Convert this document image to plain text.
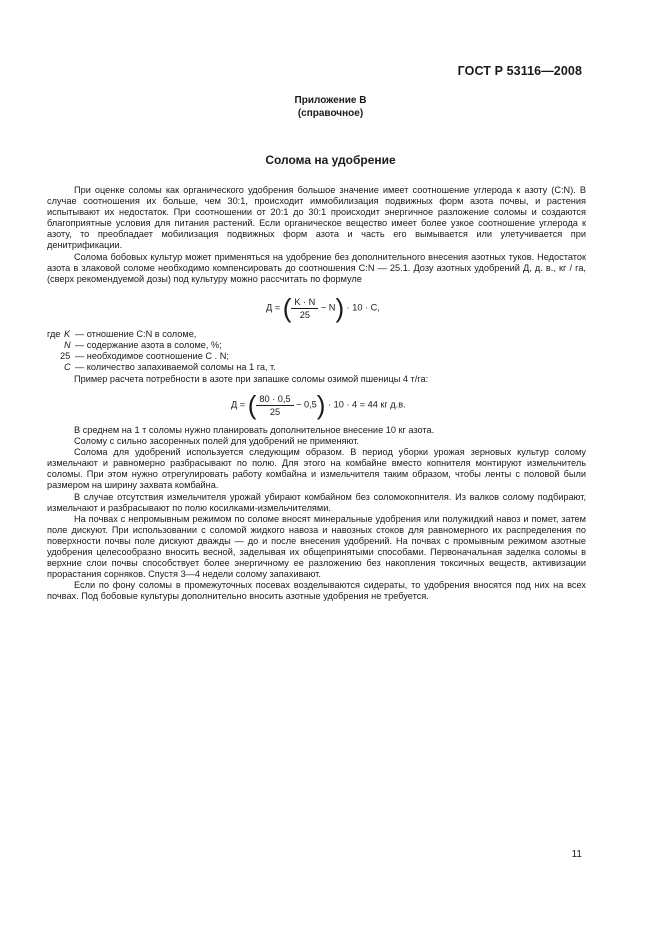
ГОСТ Р 53116—2008
Приложение В
(справочное)
Солома на удобрение

При оценке соломы как органического удобрения большое значение имеет соотношение углерода к азоту (C:N). В случае соотношения их больше, чем 30:1, происходит иммобилизация подвижных форм азота почвы, и растения испытывают их недостаток. При соотношении от 20:1 до 30:1 происходит энергичное разложение соломы и создаются благоприятные условия для питания растений. Если органическое вещество имеет более узкое соотношение углерода к азоту, то преобладает мобилизация подвижных форм азота и часть его вымывается или улетучивается при денитрификации.

Солома бобовых культур может применяться на удобрение без дополнительного внесения азотных туков. Недостаток азота в злаковой соломе необходимо компенсировать до соотношения C:N — 25.1. Дозу азотных удобрений Д, д. в., кг / га, (сверх рекомендуемой дозы) под культуру можно рассчитать по формуле

Д = ( $\frac{K \cdot N}{25} - N) \cdot 10 \cdot C$,
где K — отношение C:N в соломе,
N — содержание азота в соломе, %;
25 — необходимое соотношение C . N;
C — количество запахиваемой соломы на 1 га, т.

Пример расчета потребности в азоте при запашке соломы озимой пшеницы 4 т/га:

Д = ( $\frac{80 \cdot 0,5}{25} - 0,5) \cdot 10 \cdot 4 = 44$ кг д.в.

В среднем на 1 т соломы нужно планировать дополнительное внесение 10 кг азота.

Солому с сильно засоренных полей для удобрений не применяют.

Солома для удобрений используется следующим образом. В период уборки урожая зерновых культур солому измельчают и равномерно разбрасывают по полю. Для этого на комбайне вместо копнителя монтируют измельчитель соломы. При этом нужно отрегулировать работу комбайна и измельчителя таким образом, чтобы ленты с половой были размером на ширину захвата комбайна.

В случае отсутствия измельчителя урожай убирают комбайном без соломокопнителя. Из валков солому подбирают, измельчают и разбрасывают по полю косилками-измельчителями.

На почвах с непромывным режимом по соломе вносят минеральные удобрения или полужидкий навоз и помет, затем поле дискуют. При использовании с соломой жидкого навоза и навозных стоков для равномерного их распределения по поверхности почвы поле дискуют дважды — до и после внесения удобрений. На почвах с промывным режимом азотные удобрения целесообразно вносить весной, заделывая их общепринятыми способами. Первоначальная заделка соломы в верхние слои почвы способствует более энергичному ее разложению без накопления токсичных веществ, активизации прорастания сорняков. Спустя 3—4 недели солому запахивают.

Если по фону соломы в промежуточных посевах возделываются сидераты, то удобрения вносятся под них на всех почвах. Под бобовые культуры дополнительно вносить азотные удобрения не требуется.

11
